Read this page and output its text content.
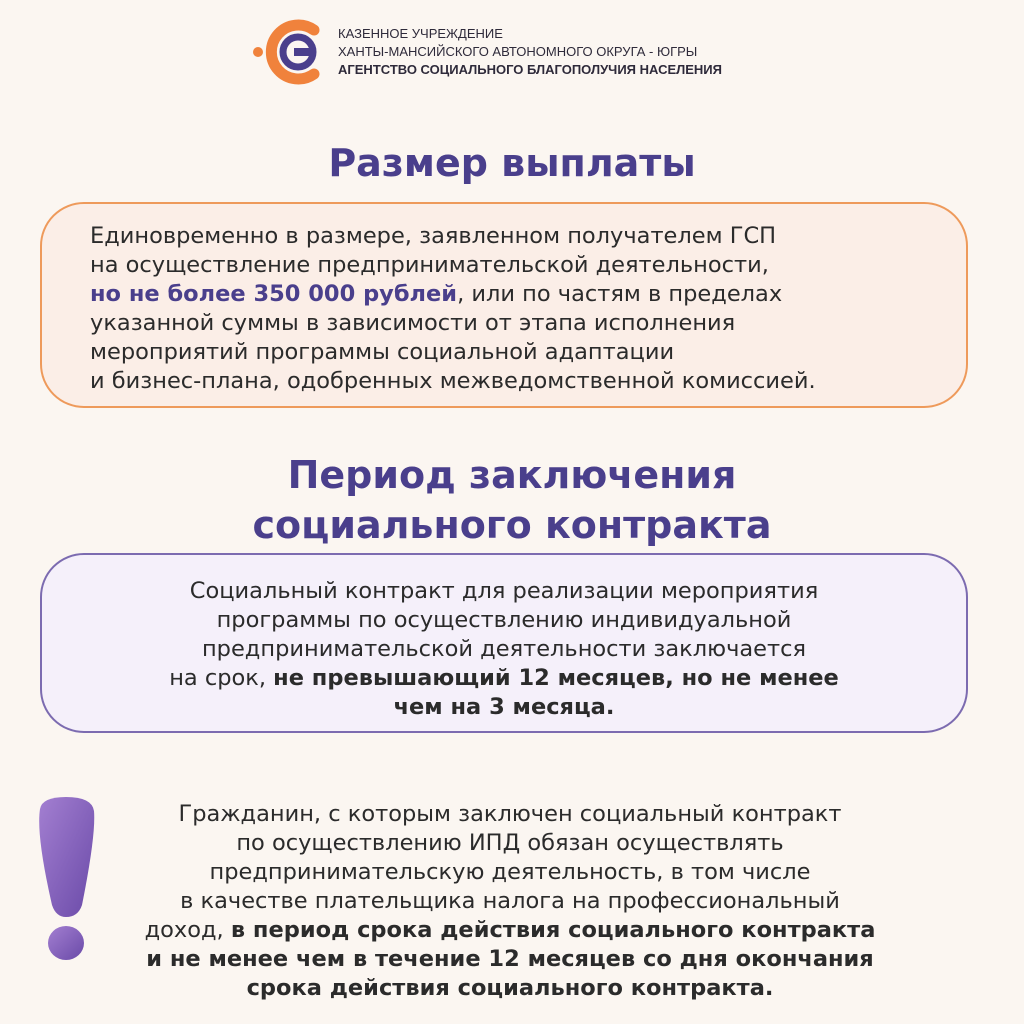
КАЗЕННОЕ УЧРЕЖДЕНИЕ
ХАНТЫ-МАНСИЙСКОГО АВТОНОМНОГО ОКРУГА - ЮГРЫ
АГЕНТСТВО СОЦИАЛЬНОГО БЛАГОПОЛУЧИЯ НАСЕЛЕНИЯ
Размер выплаты
Единовременно в размере, заявленном получателем ГСП
на осуществление предпринимательской деятельности,
но не более 350 000 рублей, или по частям в пределах
указанной суммы в зависимости от этапа исполнения
мероприятий программы социальной адаптации
и бизнес-плана, одобренных межведомственной комиссией.
Период заключения
социального контракта
Социальный контракт для реализации мероприятия
программы по осуществлению индивидуальной
предпринимательской деятельности заключается
на срок, не превышающий 12 месяцев, но не менее
чем на 3 месяца.
Гражданин, с которым заключен социальный контракт
по осуществлению ИПД обязан осуществлять
предпринимательскую деятельность, в том числе
в качестве плательщика налога на профессиональный
доход, в период срока действия социального контракта
и не менее чем в течение 12 месяцев со дня окончания
срока действия социального контракта.
